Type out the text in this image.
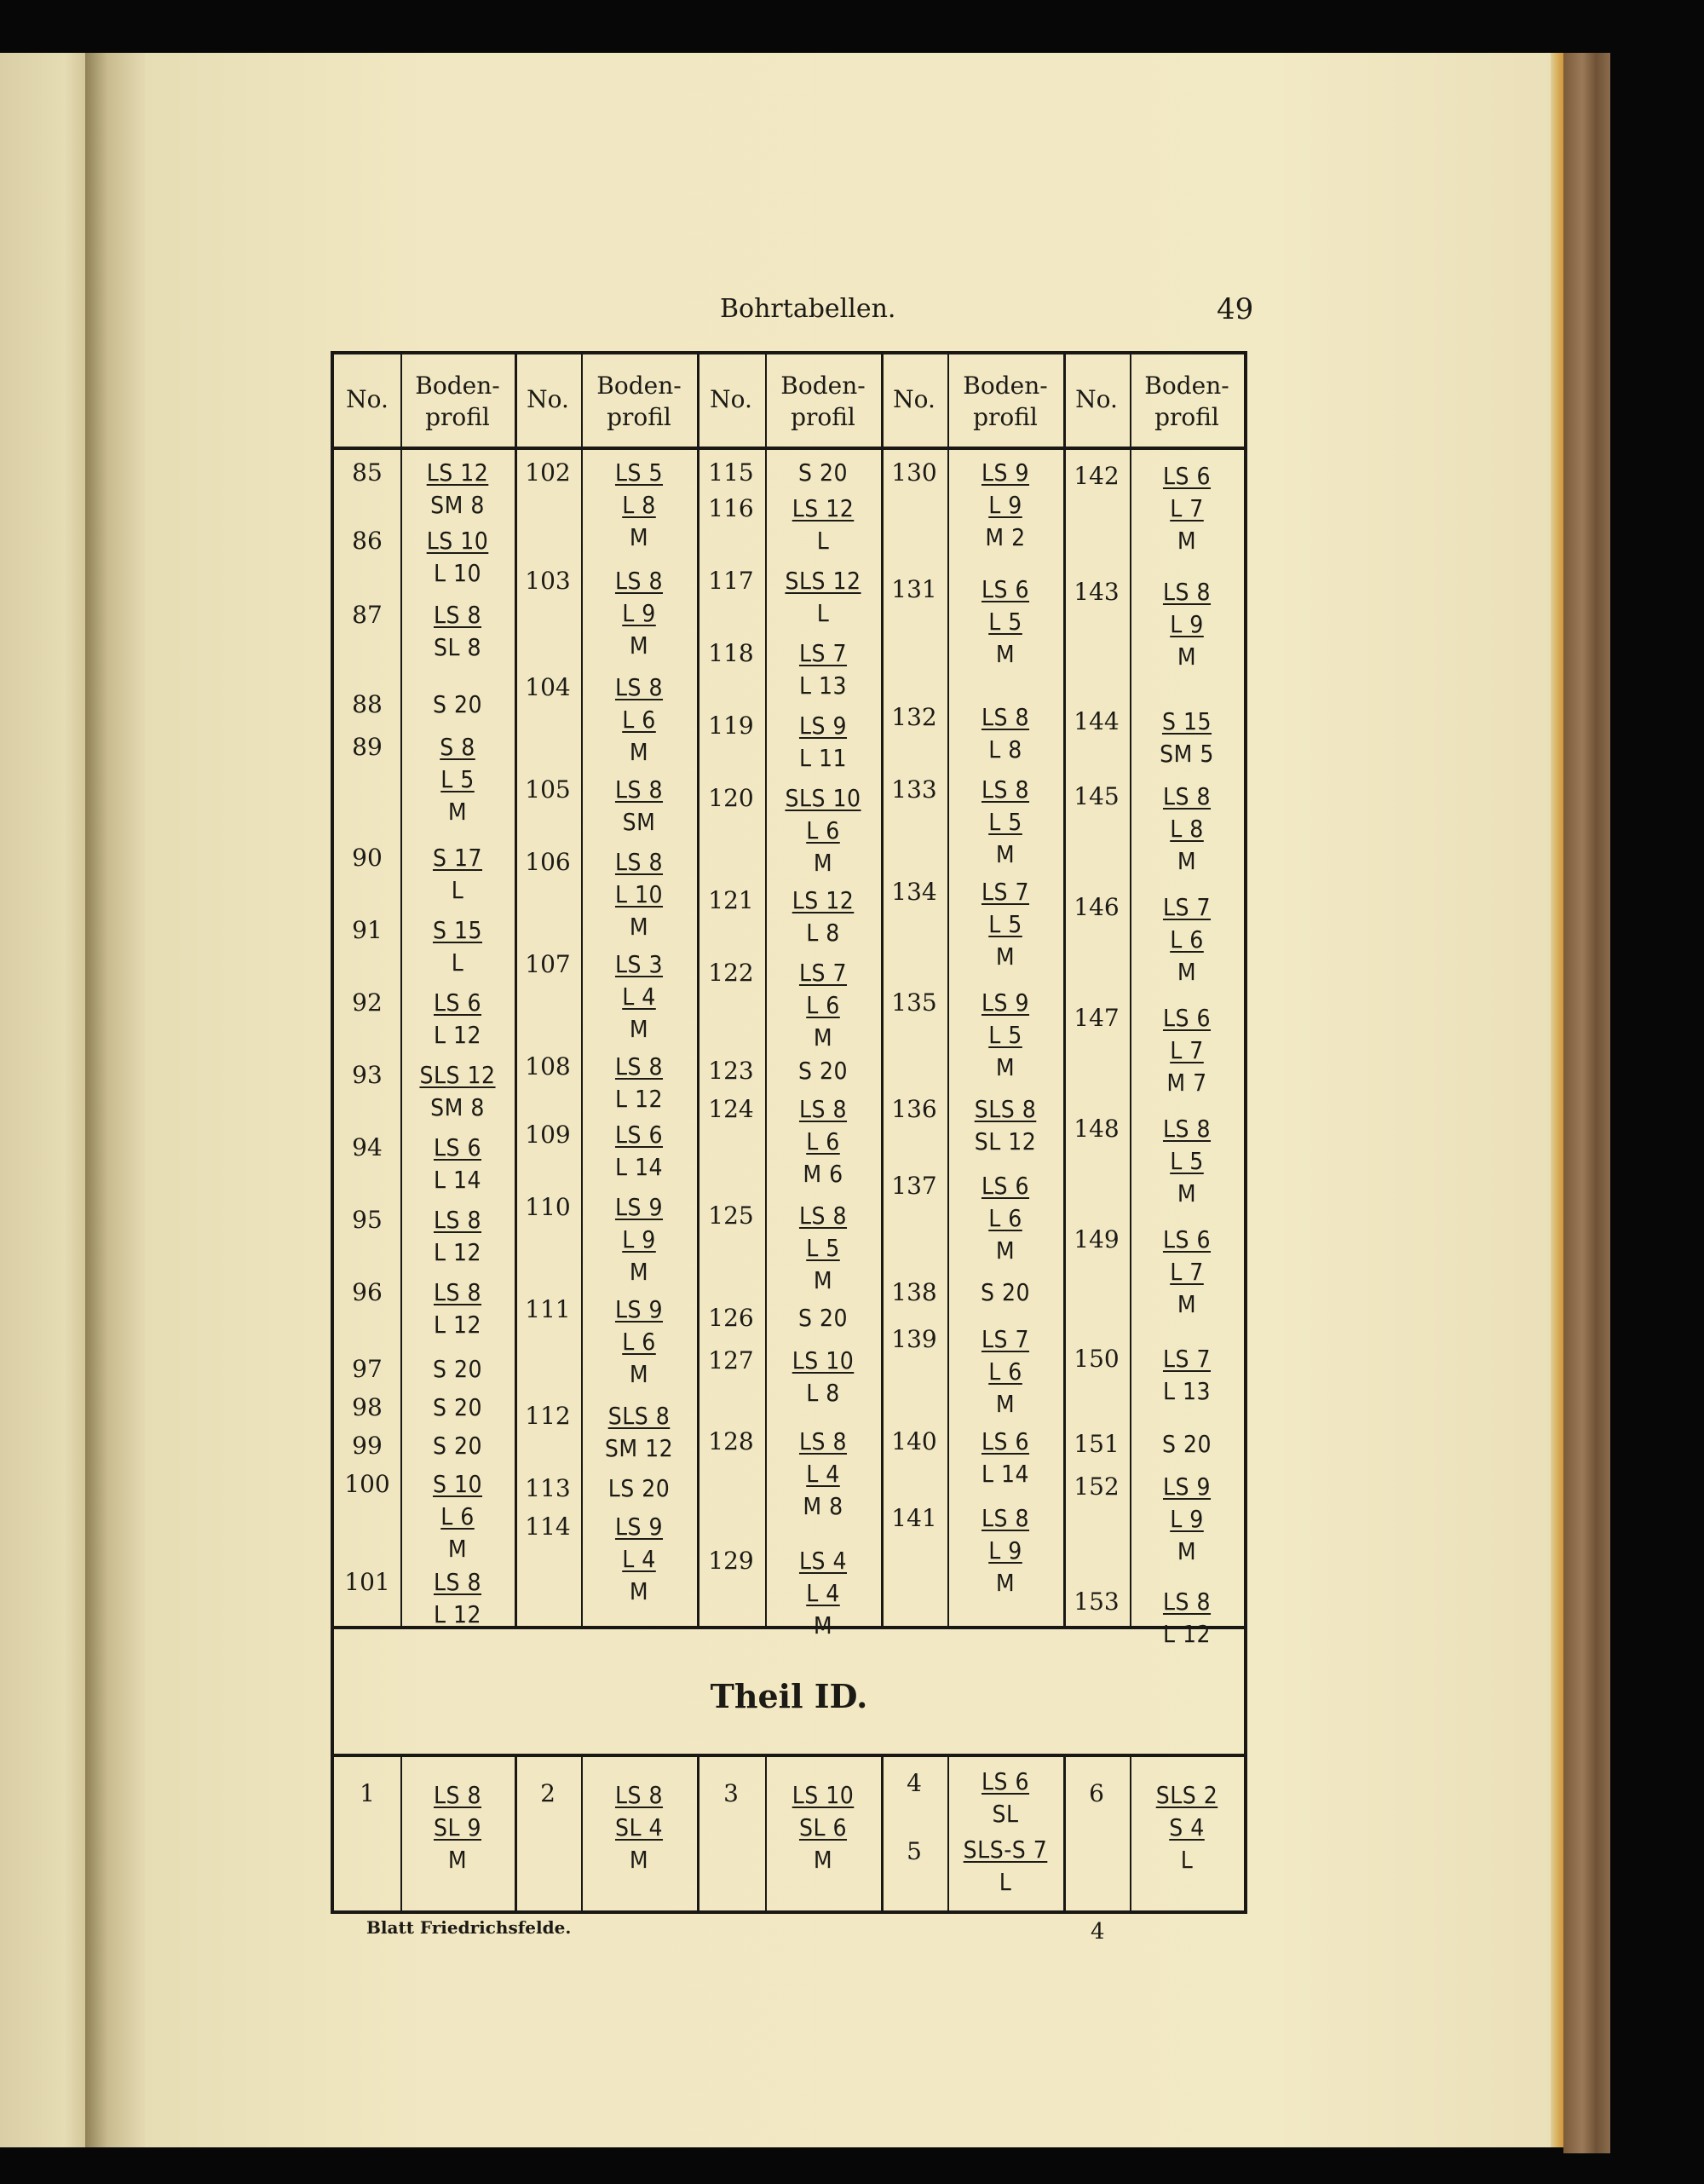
Bohrtabellen.	49
Theil ID.
No.	Boden-
profil
No.	Boden-
profil
No.	Boden-
profil
No.	Boden-
profil
No.	Boden-
profil
85	LS 12
SM 8
86	LS 10
L 10
87	LS 8
SL 8
88	S 20
89	S 8
L 5
M
90	S 17
L
91	S 15
L
92	LS 6
L 12
93	SLS 12
SM 8
94	LS 6
L 14
95	LS 8
L 12
96	LS 8
L 12
97	S 20
98	S 20
99	S 20
100	S 10
L 6
M
101	LS 8
L 12
102	LS 5
L 8
M
103	LS 8
L 9
M
104	LS 8
L 6
M
105	LS 8
SM
106	LS 8
L 10
M
107	LS 3
L 4
M
108	LS 8
L 12
109	LS 6
L 14
110	LS 9
L 9
M
111	LS 9
L 6
M
112	SLS 8
SM 12
113	LS 20
114	LS 9
L 4
M
115	S 20
116	LS 12
L
117	SLS 12
L
118	LS 7
L 13
119	LS 9
L 11
120	SLS 10
L 6
M
121	LS 12
L 8
122	LS 7
L 6
M
123	S 20
124	LS 8
L 6
M 6
125	LS 8
L 5
M
126	S 20
127	LS 10
L 8
128	LS 8
L 4
M 8
129	LS 4
L 4
M
130	LS 9
L 9
M 2
131	LS 6
L 5
M
132	LS 8
L 8
133	LS 8
L 5
M
134	LS 7
L 5
M
135	LS 9
L 5
M
136	SLS 8
SL 12
137	LS 6
L 6
M
138	S 20
139	LS 7
L 6
M
140	LS 6
L 14
141	LS 8
L 9
M
142	LS 6
L 7
M
143	LS 8
L 9
M
144	S 15
SM 5
145	LS 8
L 8
M
146	LS 7
L 6
M
147	LS 6
L 7
M 7
148	LS 8
L 5
M
149	LS 6
L 7
M
150	LS 7
L 13
151	S 20
152	LS 9
L 9
M
153	LS 8
L 12
1	LS 8
SL 9
M
2	LS 8
SL 4
M
3	LS 10
SL 6
M
4	LS 6
SL
5	SLS-S 7
L
6	SLS 2
S 4
L
Blatt Friedrichsfelde.	4
